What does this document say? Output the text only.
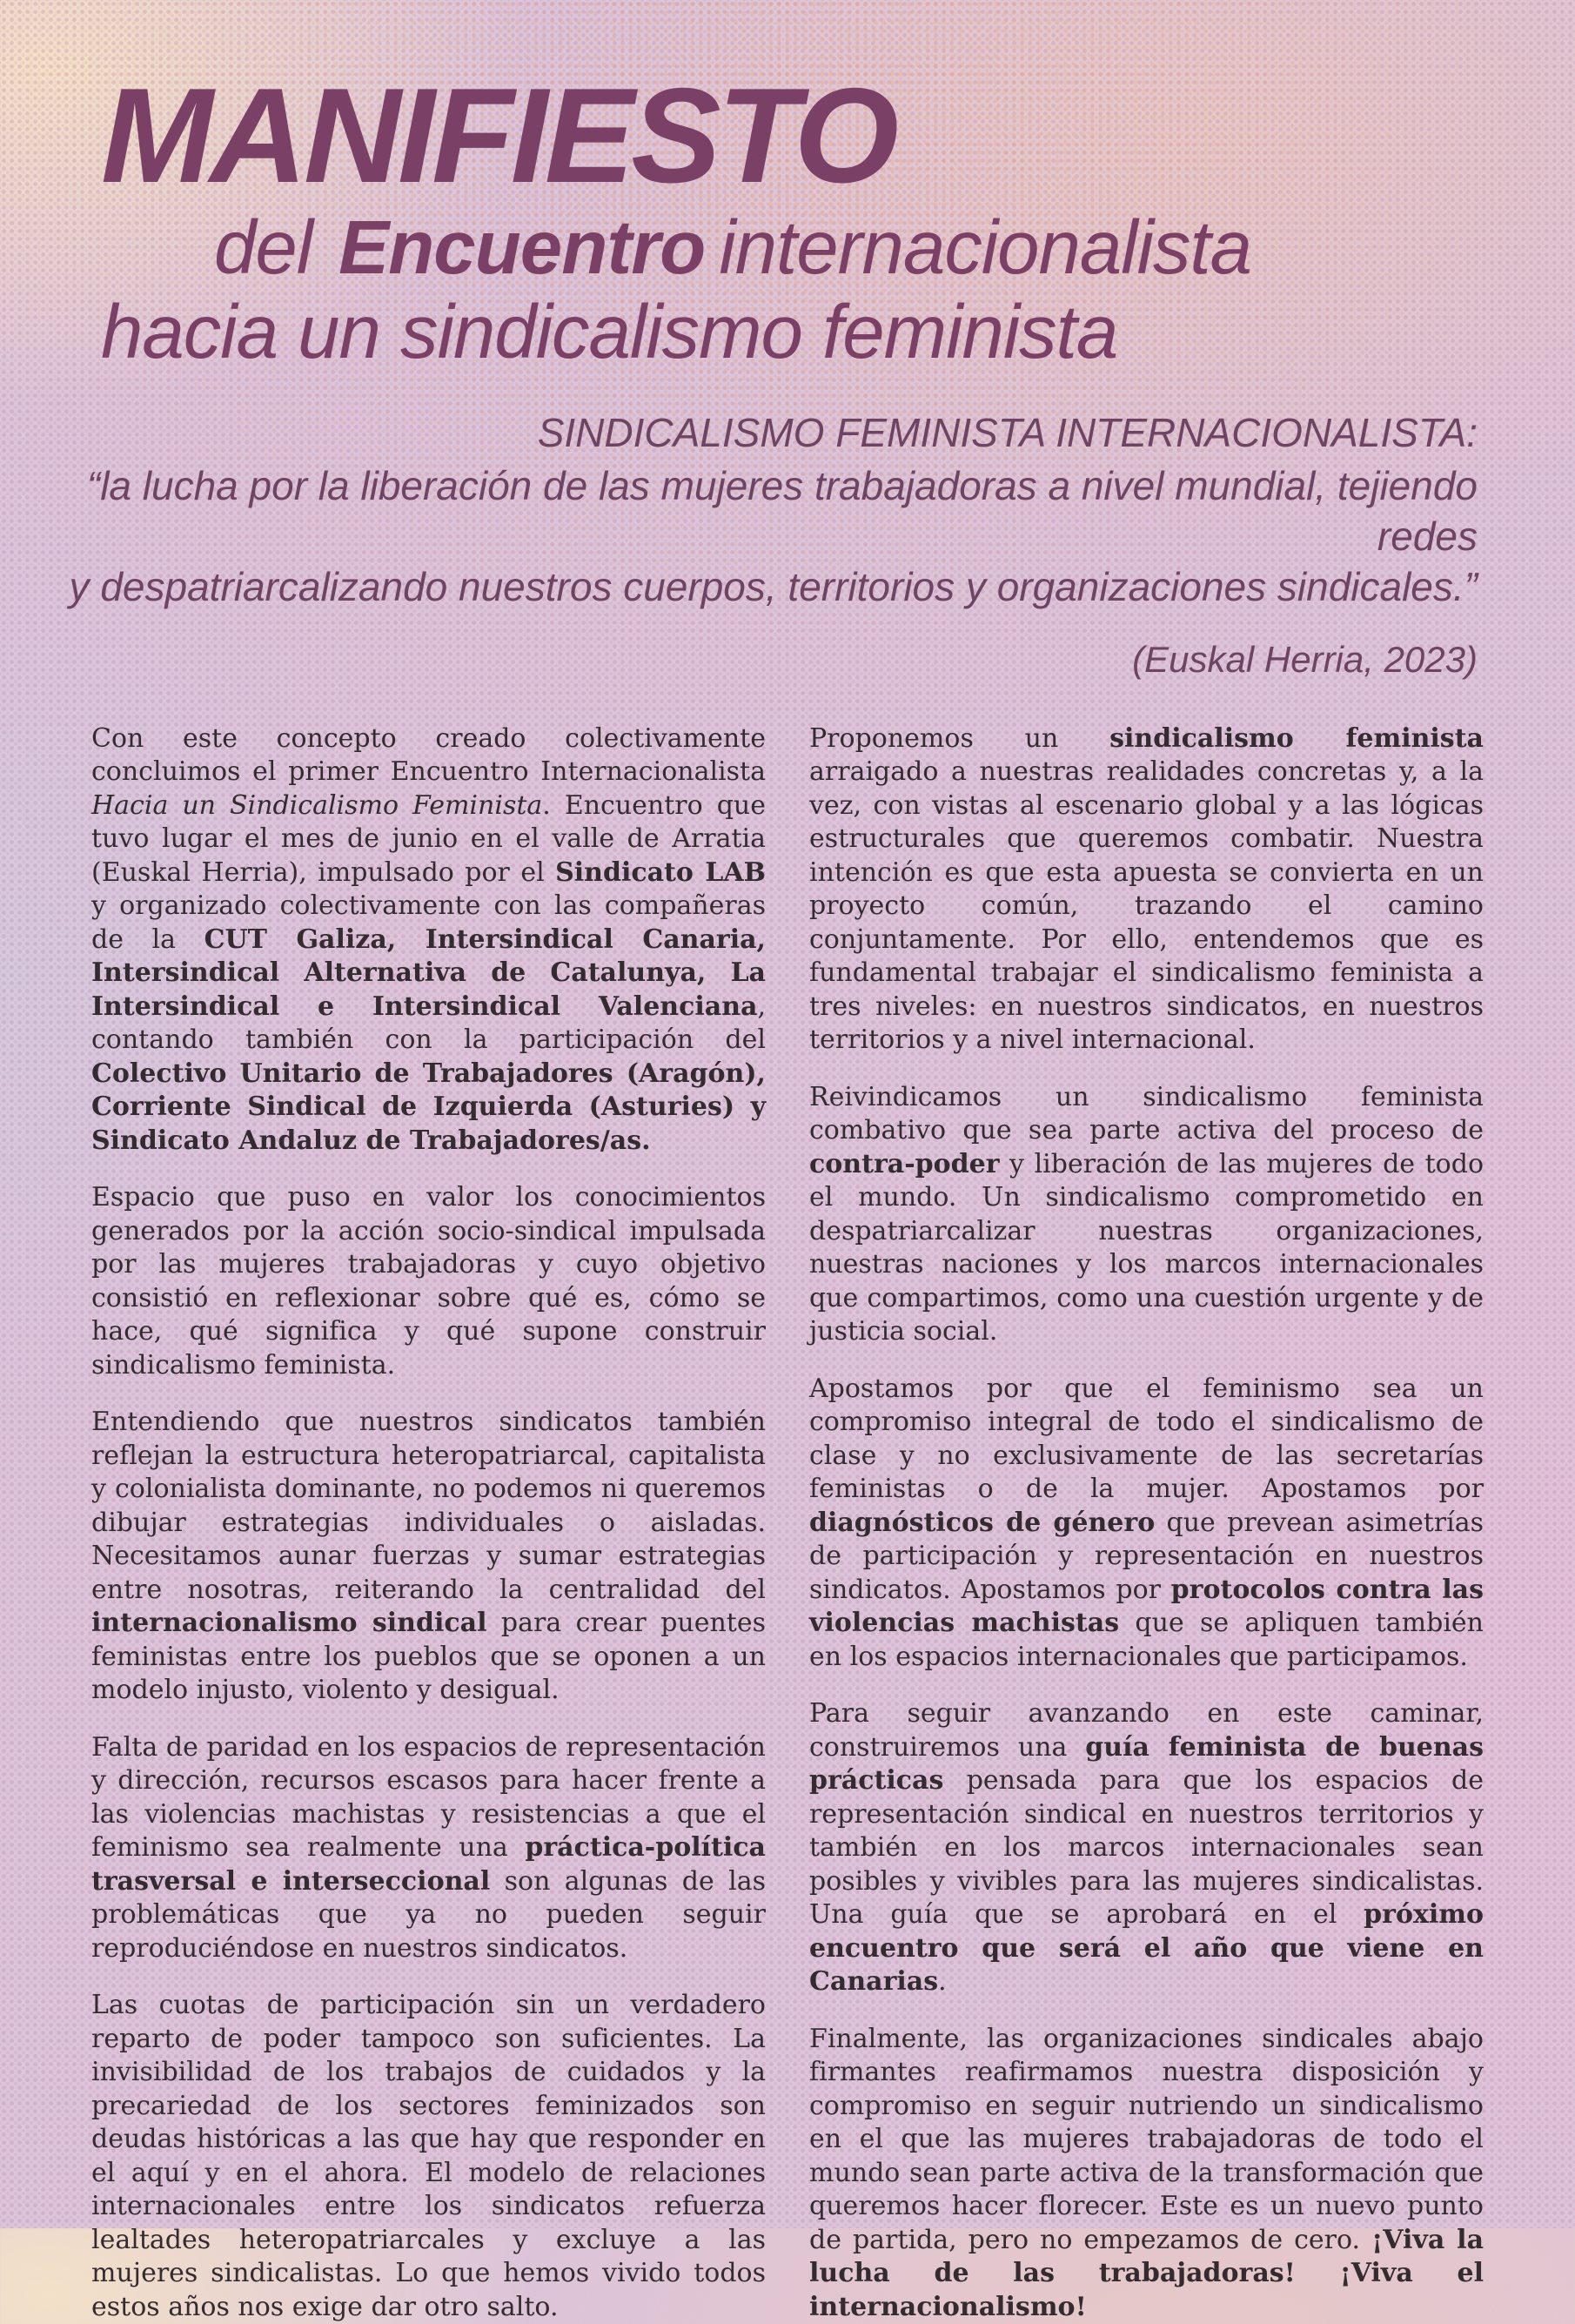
MANIFIESTO
del Encuentro internacionalista
hacia un sindicalismo feminista
SINDICALISMO FEMINISTA INTERNACIONALISTA:
“la lucha por la liberación de las mujeres trabajadoras a nivel mundial, tejiendo redes
y despatriarcalizando nuestros cuerpos, territorios y organizaciones sindicales.”
(Euskal Herria, 2023)

Con este concepto creado colectivamente concluimos el primer Encuentro Internacionalista Hacia un Sindicalismo Feminista. Encuentro que tuvo lugar el mes de junio en el valle de Arratia (Euskal Herria), impulsado por el Sindicato LAB y organizado colectivamente con las compañeras de la CUT Galiza, Intersindical Canaria, Intersindical Alternativa de Catalunya, La Intersindical e Intersindical Valenciana, contando también con la participación del Colectivo Unitario de Trabajadores (Aragón), Corriente Sindical de Izquierda (Asturies) y Sindicato Andaluz de Trabajadores/as.

Espacio que puso en valor los conocimientos generados por la acción socio-sindical impulsada por las mujeres trabajadoras y cuyo objetivo consistió en reflexionar sobre qué es, cómo se hace, qué significa y qué supone construir sindicalismo feminista.

Entendiendo que nuestros sindicatos también reflejan la estructura heteropatriarcal, capitalista y colonialista dominante, no podemos ni queremos dibujar estrategias individuales o aisladas. Necesitamos aunar fuerzas y sumar estrategias entre nosotras, reiterando la centralidad del internacionalismo sindical para crear puentes feministas entre los pueblos que se oponen a un modelo injusto, violento y desigual.

Falta de paridad en los espacios de representación y dirección, recursos escasos para hacer frente a las violencias machistas y resistencias a que el feminismo sea realmente una práctica-política trasversal e interseccional son algunas de las problemáticas que ya no pueden seguir reproduciéndose en nuestros sindicatos.

Las cuotas de participación sin un verdadero reparto de poder tampoco son suficientes. La invisibilidad de los trabajos de cuidados y la precariedad de los sectores feminizados son deudas históricas a las que hay que responder en el aquí y en el ahora. El modelo de relaciones internacionales entre los sindicatos refuerza lealtades heteropatriarcales y excluye a las mujeres sindicalistas. Lo que hemos vivido todos estos años nos exige dar otro salto.

Proponemos un sindicalismo feminista arraigado a nuestras realidades concretas y, a la vez, con vistas al escenario global y a las lógicas estructurales que queremos combatir. Nuestra intención es que esta apuesta se convierta en un proyecto común, trazando el camino conjuntamente. Por ello, entendemos que es fundamental trabajar el sindicalismo feminista a tres niveles: en nuestros sindicatos, en nuestros territorios y a nivel internacional.

Reivindicamos un sindicalismo feminista combativo que sea parte activa del proceso de contra-poder y liberación de las mujeres de todo el mundo. Un sindicalismo comprometido en despatriarcalizar nuestras organizaciones, nuestras naciones y los marcos internacionales que compartimos, como una cuestión urgente y de justicia social.

Apostamos por que el feminismo sea un compromiso integral de todo el sindicalismo de clase y no exclusivamente de las secretarías feministas o de la mujer. Apostamos por diagnósticos de género que prevean asimetrías de participación y representación en nuestros sindicatos. Apostamos por protocolos contra las violencias machistas que se apliquen también en los espacios internacionales que participamos.

Para seguir avanzando en este caminar, construiremos una guía feminista de buenas prácticas pensada para que los espacios de representación sindical en nuestros territorios y también en los marcos internacionales sean posibles y vivibles para las mujeres sindicalistas. Una guía que se aprobará en el próximo encuentro que será el año que viene en Canarias.

Finalmente, las organizaciones sindicales abajo firmantes reafirmamos nuestra disposición y compromiso en seguir nutriendo un sindicalismo en el que las mujeres trabajadoras de todo el mundo sean parte activa de la transformación que queremos hacer florecer. Este es un nuevo punto de partida, pero no empezamos de cero. ¡Viva la lucha de las trabajadoras! ¡Viva el internacionalismo!
